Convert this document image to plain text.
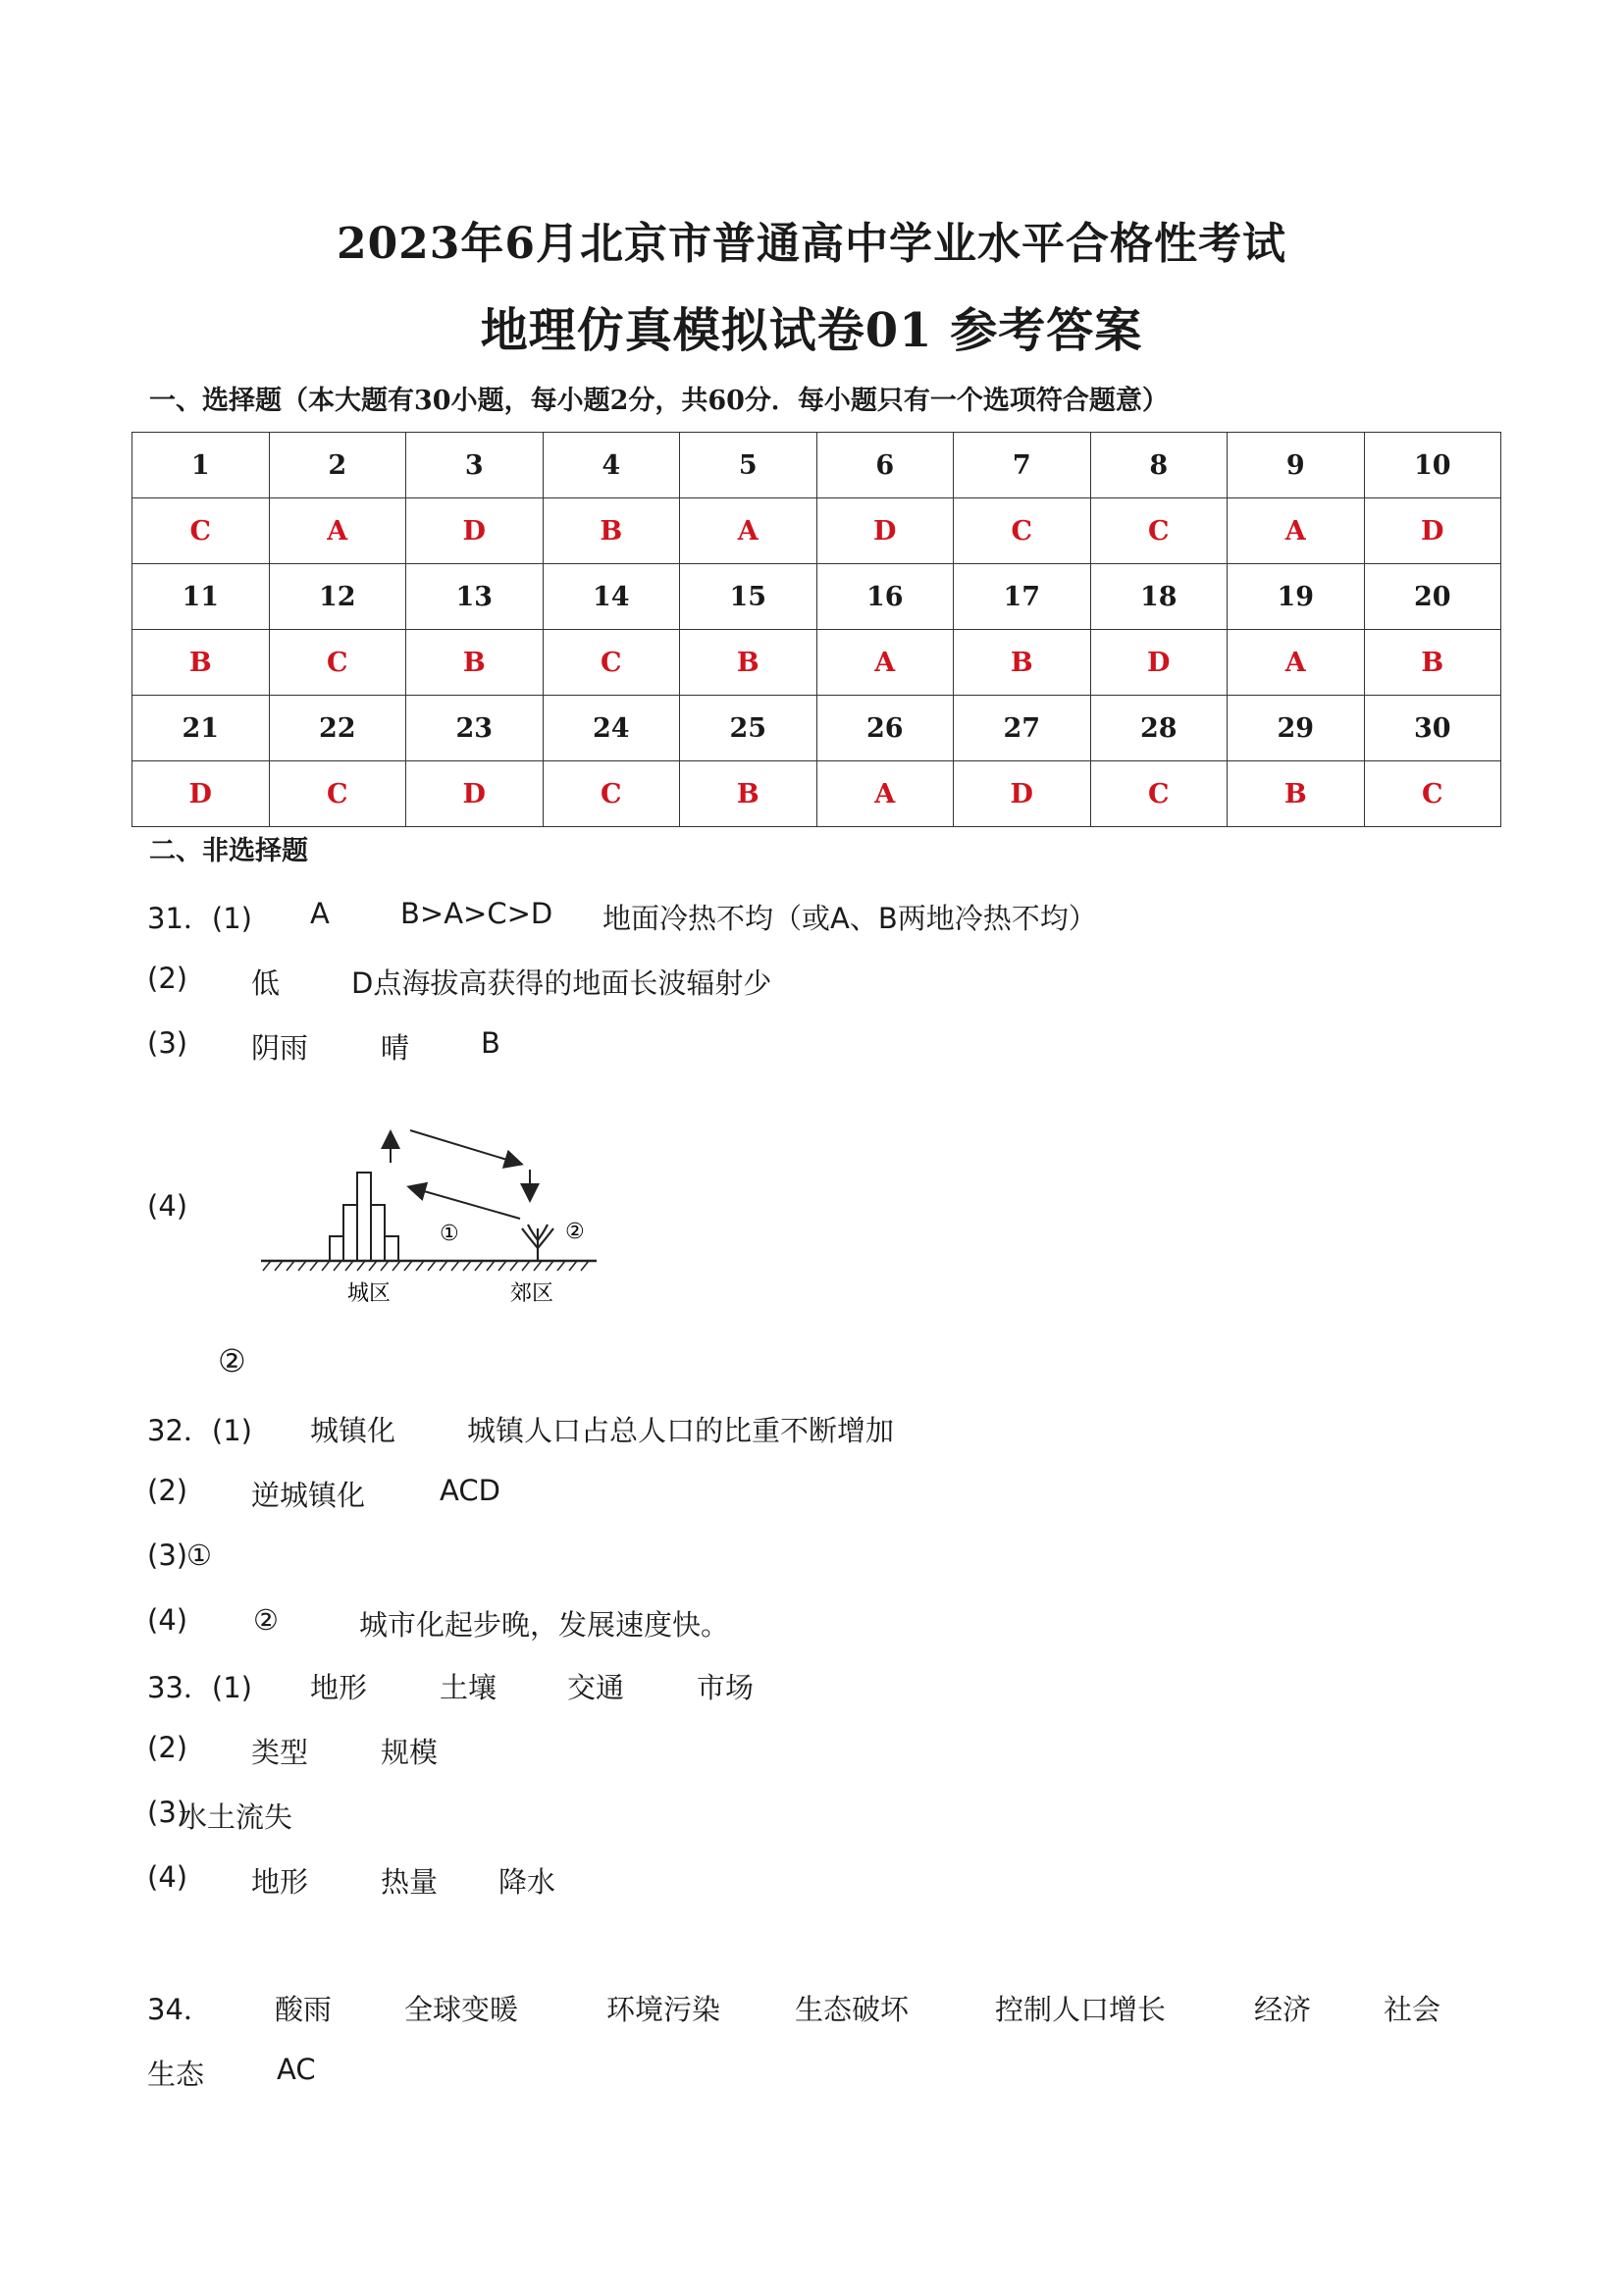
2023年6月北京市普通高中学业水平合格性考试
地理仿真模拟试卷01 参考答案
一、选择题（本大题有30小题，每小题2分，共60分．每小题只有一个选项符合题意）
1	2	3	4	5	6	7	8	9	10
C	A	D	B	A	D	C	C	A	D
11	12	13	14	15	16	17	18	19	20
B	C	B	C	B	A	B	D	A	B
21	22	23	24	25	26	27	28	29	30
D	C	D	C	B	A	D	C	B	C
二、非选择题
31．(1) A B>A>C>D 地面冷热不均（或A、B两地冷热不均）
(2) 低	D点海拔高获得的地面长波辐射少
(3) 阴雨	晴	B
(4)
①	②
城区	郊区
②
32．(1) 城镇化	城镇人口占总人口的比重不断增加
(2) 逆城镇化	ACD
(3)
①
(4) ②	城市化起步晚，发展速度快。
33．(1) 地形	土壤 交通	市场
(2) 类型	规模
(3)
水土流失
(4) 地形	热量 降水
34． 酸雨	全球变暖	环境污染	生态破坏	控制人口增长	经济	社会
生态	AC
